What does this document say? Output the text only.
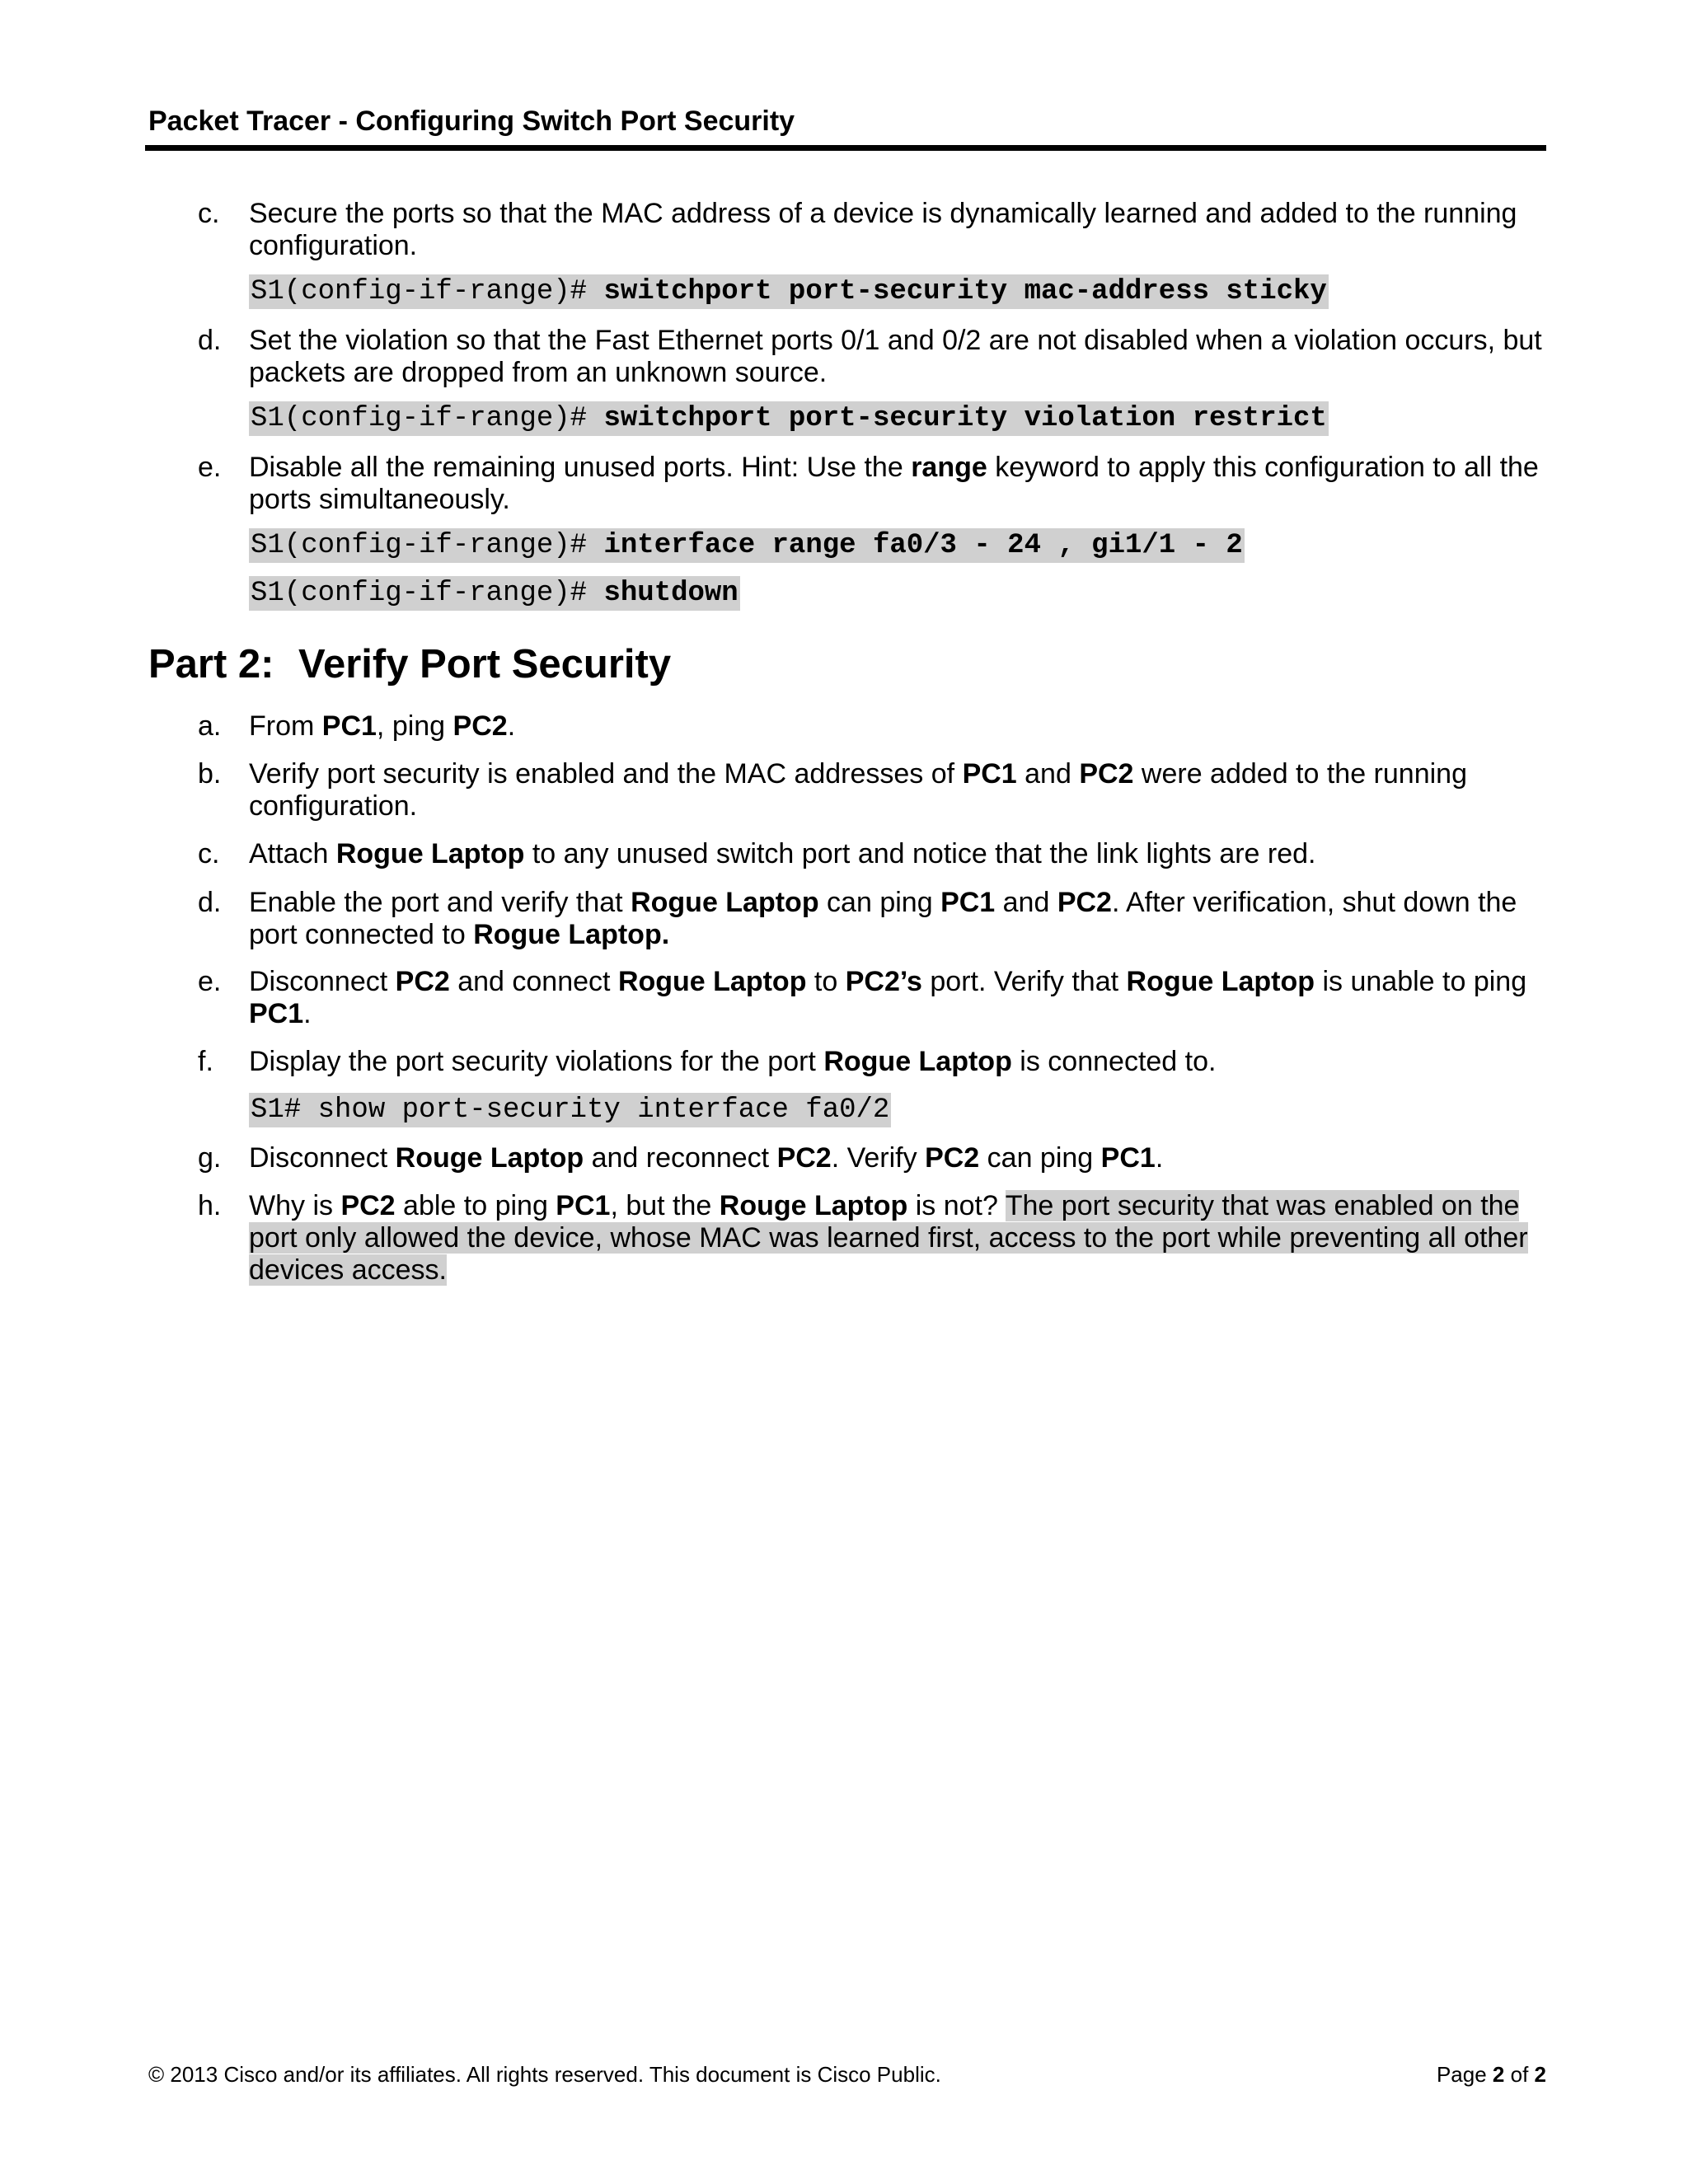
Packet Tracer - Configuring Switch Port Security
c. Secure the ports so that the MAC address of a device is dynamically learned and added to the running
configuration.
S1(config-if-range)# switchport port-security mac-address sticky
d. Set the violation so that the Fast Ethernet ports 0/1 and 0/2 are not disabled when a violation occurs, but
packets are dropped from an unknown source.
S1(config-if-range)# switchport port-security violation restrict
e. Disable all the remaining unused ports. Hint: Use the range keyword to apply this configuration to all the
ports simultaneously.
S1(config-if-range)# interface range fa0/3 - 24 , gi1/1 - 2
S1(config-if-range)# shutdown
Part 2: Verify Port Security
a. From PC1, ping PC2.
b. Verify port security is enabled and the MAC addresses of PC1 and PC2 were added to the running
configuration.
c. Attach Rogue Laptop to any unused switch port and notice that the link lights are red.
d. Enable the port and verify that Rogue Laptop can ping PC1 and PC2. After verification, shut down the
port connected to Rogue Laptop.
e. Disconnect PC2 and connect Rogue Laptop to PC2’s port. Verify that Rogue Laptop is unable to ping
PC1.
f. Display the port security violations for the port Rogue Laptop is connected to.
S1# show port-security interface fa0/2
g. Disconnect Rouge Laptop and reconnect PC2. Verify PC2 can ping PC1.
h. Why is PC2 able to ping PC1, but the Rouge Laptop is not? The port security that was enabled on the
port only allowed the device, whose MAC was learned first, access to the port while preventing all other
devices access.
© 2013 Cisco and/or its affiliates. All rights reserved. This document is Cisco Public.	Page 2 of 2
